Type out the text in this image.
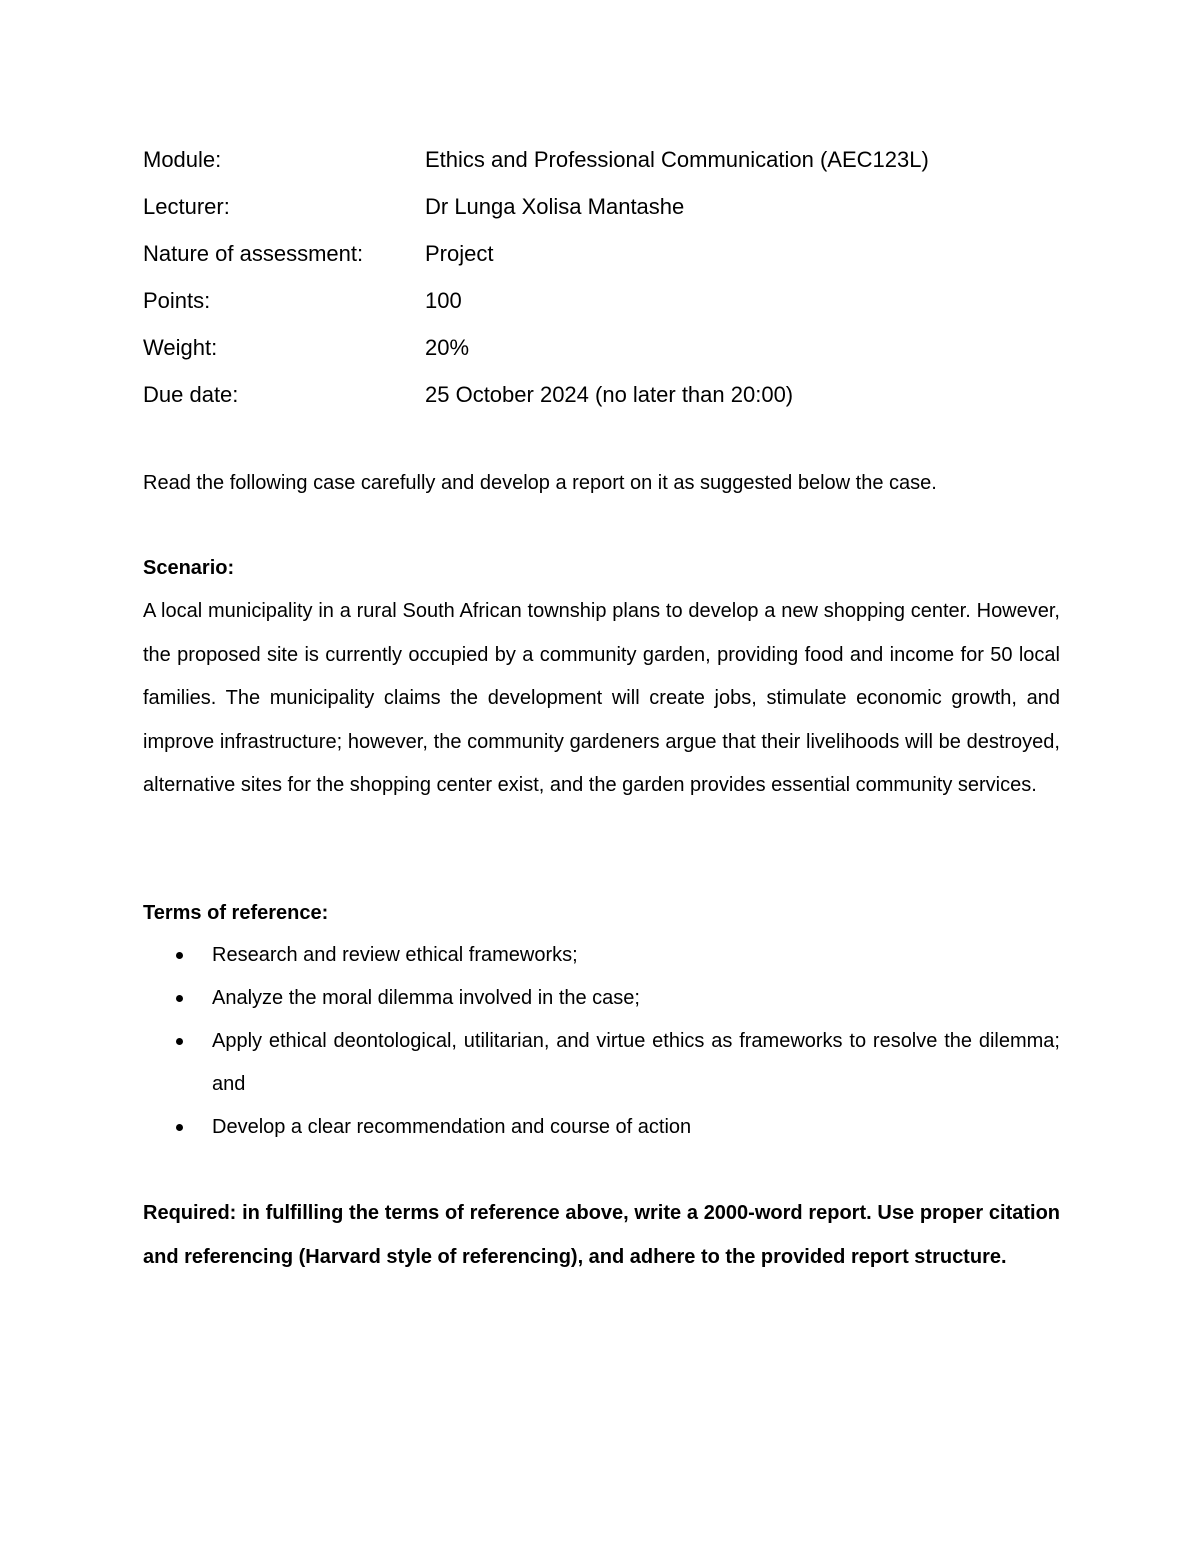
Module:	Ethics and Professional Communication (AEC123L)
Lecturer:	Dr Lunga Xolisa Mantashe
Nature of assessment:	Project
Points:	100
Weight:	20%
Due date:	25 October 2024 (no later than 20:00)

Read the following case carefully and develop a report on it as suggested below the case.

Scenario:

A local municipality in a rural South African township plans to develop a new shopping center. However, the proposed site is currently occupied by a community garden, providing food and income for 50 local families. The municipality claims the development will create jobs, stimulate economic growth, and improve infrastructure; however, the community gardeners argue that their livelihoods will be destroyed, alternative sites for the shopping center exist, and the garden provides essential community services.

Terms of reference:
Research and review ethical frameworks;
Analyze the moral dilemma involved in the case;
Apply ethical deontological, utilitarian, and virtue ethics as frameworks to resolve the dilemma; and
Develop a clear recommendation and course of action

Required: in fulfilling the terms of reference above, write a 2000-word report. Use proper citation and referencing (Harvard style of referencing), and adhere to the provided report structure.
